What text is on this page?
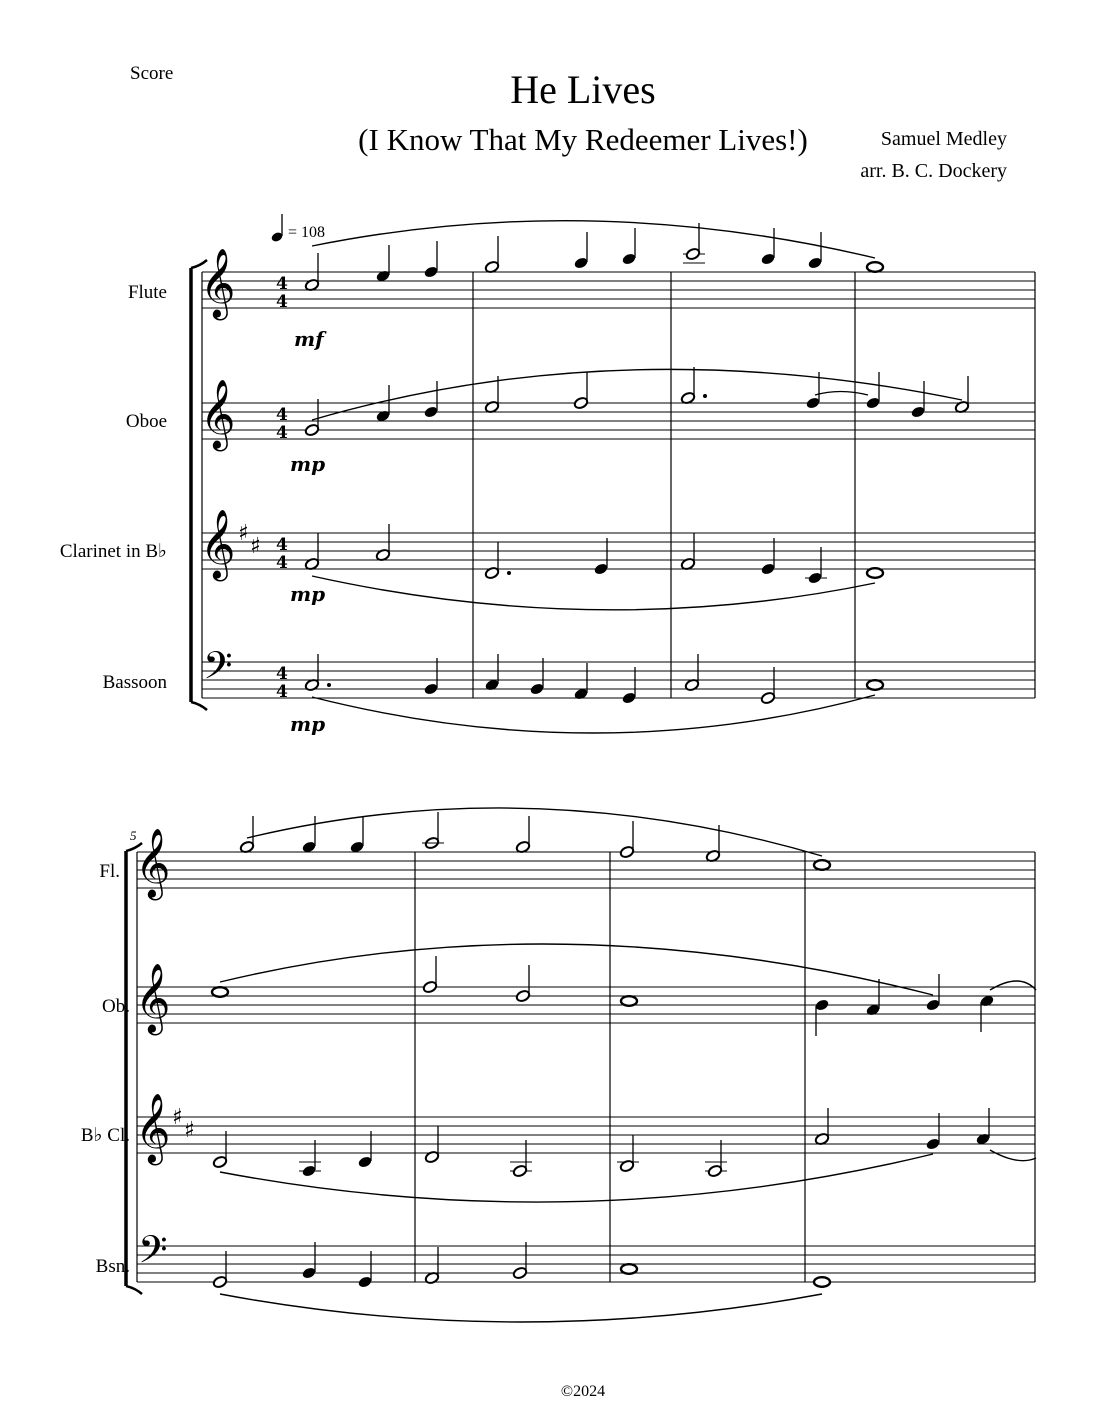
Score	He Lives
(I Know That My Redeemer Lives!)	Samuel Medley
arr. B. C. Dockery
= 108
Flute
Oboe
Clarinet in B♭
Bassoon
𝄞
𝄞
𝄞
𝄢
♯
♯
4
4
4
4
4
4
4
4
mf
mp
mp
mp
5
Fl.
Ob.
B♭ Cl.
Bsn.
𝄞
𝄞
𝄞
𝄢
♯
♯
©2024
